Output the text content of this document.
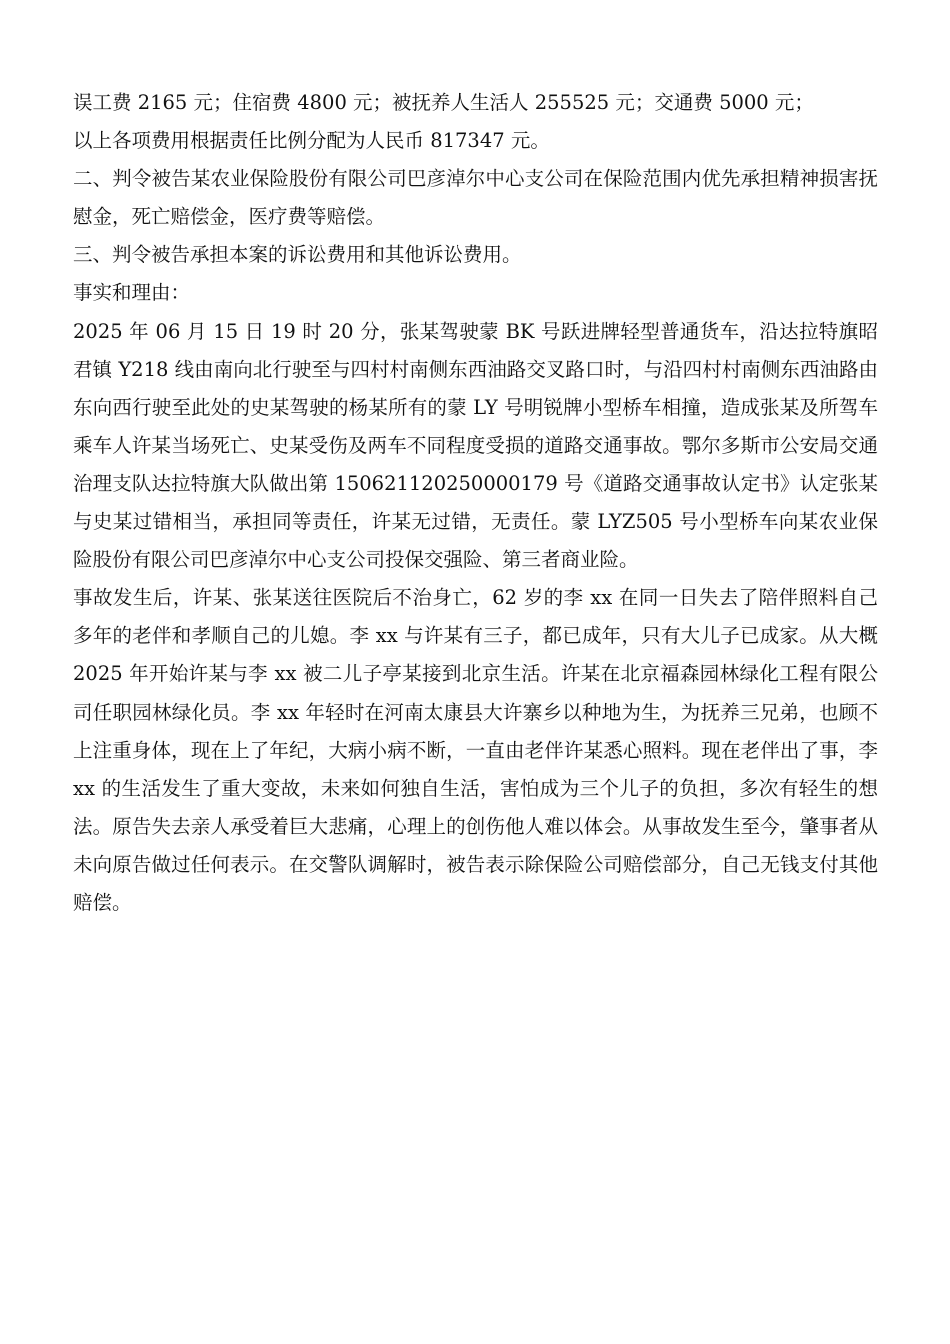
误工费 2165 元；住宿费 4800 元；被抚养人生活人 255525 元；交通费 5000 元；

以上各项费用根据责任比例分配为人民币 817347 元。

二、判令被告某农业保险股份有限公司巴彦淖尔中心支公司在保险范围内优先承担精神损害抚慰金，死亡赔偿金，医疗费等赔偿。

三、判令被告承担本案的诉讼费用和其他诉讼费用。

事实和理由：

2025 年 06 月 15 日 19 时 20 分，张某驾驶蒙 BK 号跃进牌轻型普通货车，沿达拉特旗昭君镇 Y218 线由南向北行驶至与四村村南侧东西油路交叉路口时，与沿四村村南侧东西油路由东向西行驶至此处的史某驾驶的杨某所有的蒙 LY 号明锐牌小型桥车相撞，造成张某及所驾车乘车人许某当场死亡、史某受伤及两车不同程度受损的道路交通事故。鄂尔多斯市公安局交通治理支队达拉特旗大队做出第 150621120250000179 号《道路交通事故认定书》认定张某与史某过错相当，承担同等责任，许某无过错，无责任。蒙 LYZ505 号小型桥车向某农业保险股份有限公司巴彦淖尔中心支公司投保交强险、第三者商业险。

事故发生后，许某、张某送往医院后不治身亡，62 岁的李 xx 在同一日失去了陪伴照料自己多年的老伴和孝顺自己的儿媳。李 xx 与许某有三子，都已成年，只有大儿子已成家。从大概 2025 年开始许某与李 xx 被二儿子亭某接到北京生活。许某在北京福森园林绿化工程有限公司任职园林绿化员。李 xx 年轻时在河南太康县大许寨乡以种地为生，为抚养三兄弟，也顾不上注重身体，现在上了年纪，大病小病不断，一直由老伴许某悉心照料。现在老伴出了事，李 xx 的生活发生了重大变故，未来如何独自生活，害怕成为三个儿子的负担，多次有轻生的想法。原告失去亲人承受着巨大悲痛，心理上的创伤他人难以体会。从事故发生至今，肇事者从未向原告做过任何表示。在交警队调解时，被告表示除保险公司赔偿部分，自己无钱支付其他赔偿。
